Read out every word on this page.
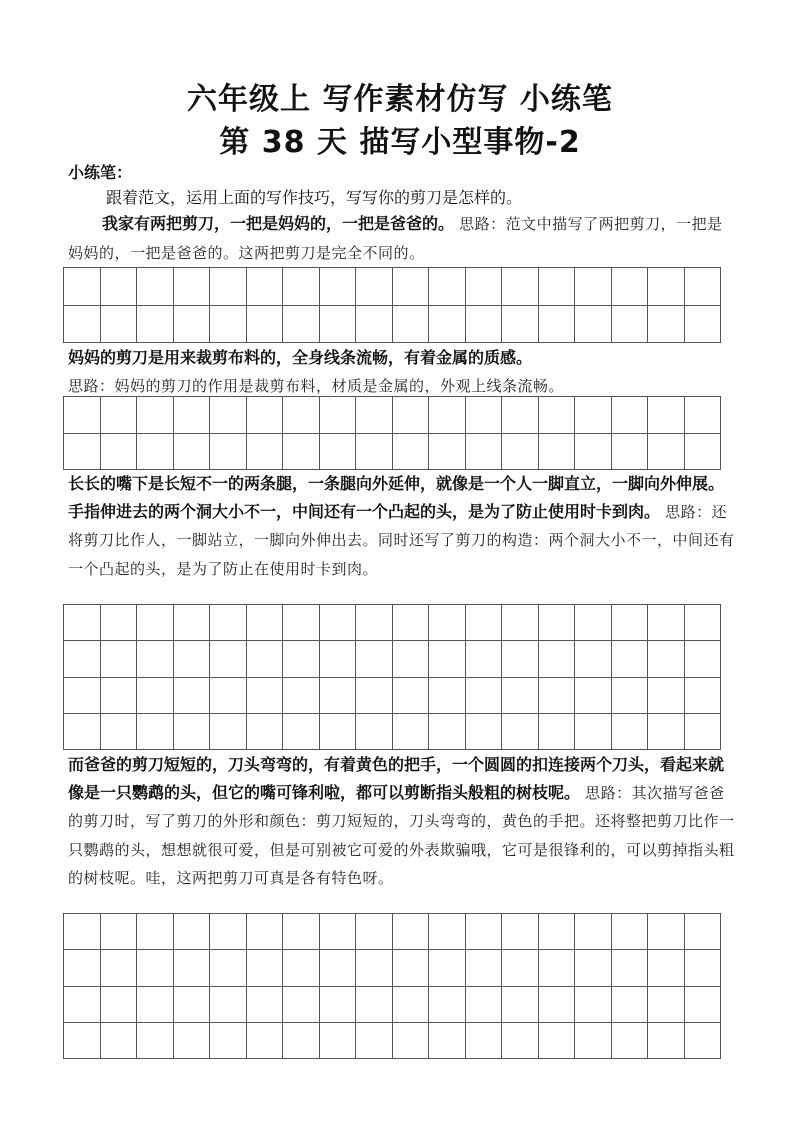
六年级上 写作素材仿写 小练笔
第 38 天 描写小型事物-2
小练笔：
跟着范文，运用上面的写作技巧，写写你的剪刀是怎样的。

我家有两把剪刀，一把是妈妈的，一把是爸爸的。 思路：范文中描写了两把剪刀，一把是妈妈的，一把是爸爸的。这两把剪刀是完全不同的。

妈妈的剪刀是用来裁剪布料的，全身线条流畅，有着金属的质感。
思路：妈妈的剪刀的作用是裁剪布料，材质是金属的，外观上线条流畅。

长长的嘴下是长短不一的两条腿，一条腿向外延伸，就像是一个人一脚直立，一脚向外伸展。手指伸进去的两个洞大小不一，中间还有一个凸起的头，是为了防止使用时卡到肉。 思路：还将剪刀比作人，一脚站立，一脚向外伸出去。同时还写了剪刀的构造：两个洞大小不一，中间还有一个凸起的头，是为了防止在使用时卡到肉。

而爸爸的剪刀短短的，刀头弯弯的，有着黄色的把手，一个圆圆的扣连接两个刀头，看起来就像是一只鹦鹉的头，但它的嘴可锋利啦，都可以剪断指头般粗的树枝呢。 思路：其次描写爸爸的剪刀时，写了剪刀的外形和颜色：剪刀短短的，刀头弯弯的，黄色的手把。还将整把剪刀比作一只鹦鹉的头，想想就很可爱，但是可别被它可爱的外表欺骗哦，它可是很锋利的，可以剪掉指头粗的树枝呢。哇，这两把剪刀可真是各有特色呀。
